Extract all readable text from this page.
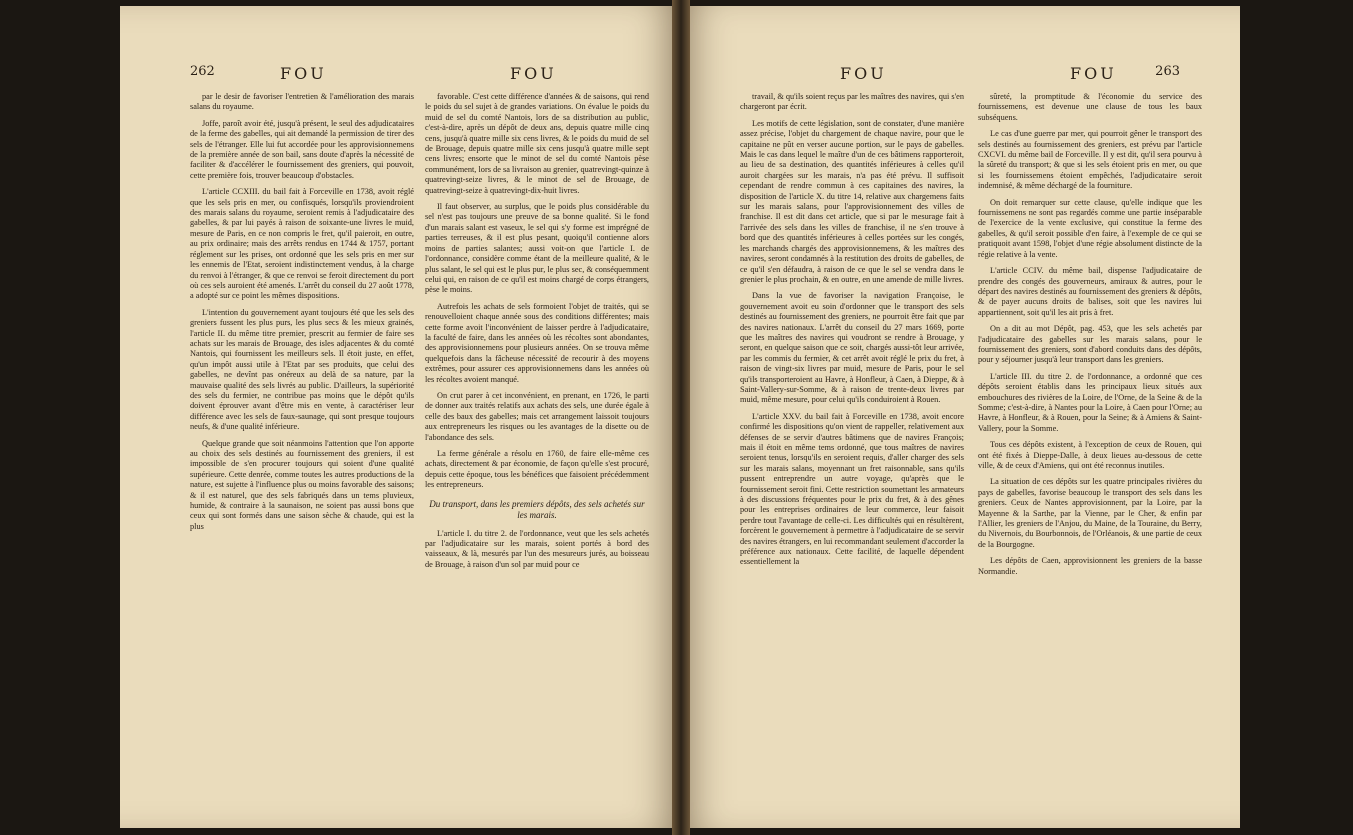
262	FOU	FOU

par le desir de favoriser l'entretien & l'amélioration des marais salans du royaume.

Joffe, paroît avoir été, jusqu'à présent, le seul des adjudicataires de la ferme des gabelles, qui ait demandé la permission de tirer des sels de l'étranger. Elle lui fut accordée pour les approvisionnemens de la première année de son bail, sans doute d'après la nécessité de faciliter & d'accélérer le fournissement des greniers, qui pouvoit, cette première fois, trouver beaucoup d'obstacles.

L'article CCXIII. du bail fait à Forceville en 1738, avoit réglé que les sels pris en mer, ou confisqués, lorsqu'ils proviendroient des marais salans du royaume, seroient remis à l'adjudicataire des gabelles, & par lui payés à raison de soixante-une livres le muid, mesure de Paris, en ce non compris le fret, qu'il paieroit, en outre, au prix ordinaire; mais des arrêts rendus en 1744 & 1757, portant réglement sur les prises, ont ordonné que les sels pris en mer sur les ennemis de l'Etat, seroient indistinctement vendus, à la charge du renvoi à l'étranger, & que ce renvoi se feroit directement du port où ces sels auroient été amenés. L'arrêt du conseil du 27 août 1778, a adopté sur ce point les mêmes dispositions.

L'intention du gouvernement ayant toujours été que les sels des greniers fussent les plus purs, les plus secs & les mieux grainés, l'article II. du même titre premier, prescrit au fermier de faire ses achats sur les marais de Brouage, des isles adjacentes & du comté Nantois, qui fournissent les meilleurs sels. Il étoit juste, en effet, qu'un impôt aussi utile à l'Etat par ses produits, que celui des gabelles, ne devînt pas onéreux au delà de sa nature, par la mauvaise qualité des sels livrés au public. D'ailleurs, la supériorité des sels du fermier, ne contribue pas moins que le dépôt qu'ils doivent éprouver avant d'être mis en vente, à caractériser leur différence avec les sels de faux-saunage, qui sont presque toujours neufs, & d'une qualité inférieure.

Quelque grande que soit néanmoins l'attention que l'on apporte au choix des sels destinés au fournissement des greniers, il est impossible de s'en procurer toujours qui soient d'une qualité supérieure. Cette denrée, comme toutes les autres productions de la nature, est sujette à l'influence plus ou moins favorable des saisons; & il est naturel, que des sels fabriqués dans un tems pluvieux, humide, & contraire à la saunaison, ne soient pas aussi bons que ceux qui sont formés dans une saison sèche & chaude, qui est la plus

favorable. C'est cette différence d'années & de saisons, qui rend le poids du sel sujet à de grandes variations. On évalue le poids du muid de sel du comté Nantois, lors de sa distribution au public, c'est-à-dire, après un dépôt de deux ans, depuis quatre mille cinq cens, jusqu'à quatre mille six cens livres, & le poids du muid de sel de Brouage, depuis quatre mille six cens jusqu'à quatre mille sept cens livres; ensorte que le minot de sel du comté Nantois pèse communément, lors de sa livraison au grenier, quatrevingt-quinze à quatrevingt-seize livres, & le minot de sel de Brouage, de quatrevingt-seize à quatrevingt-dix-huit livres.

Il faut observer, au surplus, que le poids plus considérable du sel n'est pas toujours une preuve de sa bonne qualité. Si le fond d'un marais salant est vaseux, le sel qui s'y forme est imprégné de parties terreuses, & il est plus pesant, quoiqu'il contienne alors moins de parties salantes; aussi voit-on que l'article I. de l'ordonnance, considère comme étant de la meilleure qualité, & le plus salant, le sel qui est le plus pur, le plus sec, & conséquemment celui qui, en raison de ce qu'il est moins chargé de corps étrangers, pèse le moins.

Autrefois les achats de sels formoient l'objet de traités, qui se renouvelloient chaque année sous des conditions différentes; mais cette forme avoit l'inconvénient de laisser perdre à l'adjudicataire, la faculté de faire, dans les années où les récoltes sont abondantes, des approvisionnemens pour plusieurs années. On se trouva même quelquefois dans la fâcheuse nécessité de recourir à des moyens extrêmes, pour assurer ces approvisionnemens dans les années où les récoltes avoient manqué.

On crut parer à cet inconvénient, en prenant, en 1726, le parti de donner aux traités relatifs aux achats des sels, une durée égale à celle des baux des gabelles; mais cet arrangement laissoit toujours aux entrepreneurs les risques ou les avantages de la disette ou de l'abondance des sels.

La ferme générale a résolu en 1760, de faire elle-même ces achats, directement & par économie, de façon qu'elle s'est procuré, depuis cette époque, tous les bénéfices que faisoient précédemment les entrepreneurs.

Du transport, dans les premiers dépôts, des sels achetés sur les marais.

L'article I. du titre 2. de l'ordonnance, veut que les sels achetés par l'adjudicataire sur les marais, soient portés à bord des vaisseaux, & là, mesurés par l'un des mesureurs jurés, au boisseau de Brouage, à raison d'un sol par muid pour ce

FOU	FOU	263

travail, & qu'ils soient reçus par les maîtres des navires, qui s'en chargeront par écrit.

Les motifs de cette législation, sont de constater, d'une manière assez précise, l'objet du chargement de chaque navire, pour que le capitaine ne pût en verser aucune portion, sur le pays de gabelles. Mais le cas dans lequel le maître d'un de ces bâtimens rapporteroit, au lieu de sa destination, des quantités inférieures à celles qu'il auroit chargées sur les marais, n'a pas été prévu. Il suffisoit cependant de rendre commun à ces capitaines des navires, la disposition de l'article X. du titre 14, relative aux chargemens faits sur les marais salans, pour l'approvisionnement des villes de franchise. Il est dit dans cet article, que si par le mesurage fait à l'arrivée des sels dans les villes de franchise, il ne s'en trouve à bord que des quantités inférieures à celles portées sur les congés, les marchands chargés des approvisionnemens, & les maîtres des navires, seront condamnés à la restitution des droits de gabelles, de ce qu'il s'en défaudra, à raison de ce que le sel se vendra dans le grenier le plus prochain, & en outre, en une amende de mille livres.

Dans la vue de favoriser la navigation Françoise, le gouvernement avoit eu soin d'ordonner que le transport des sels destinés au fournissement des greniers, ne pourroit être fait que par des navires nationaux. L'arrêt du conseil du 27 mars 1669, porte que les maîtres des navires qui voudront se rendre à Brouage, y seront, en quelque saison que ce soit, chargés aussi-tôt leur arrivée, par les commis du fermier, & cet arrêt avoit réglé le prix du fret, à raison de vingt-six livres par muid, mesure de Paris, pour le sel qu'ils transporteroient au Havre, à Honfleur, à Caen, à Dieppe, & à Saint-Vallery-sur-Somme, & à raison de trente-deux livres par muid, même mesure, pour celui qu'ils conduiroient à Rouen.

L'article XXV. du bail fait à Forceville en 1738, avoit encore confirmé les dispositions qu'on vient de rappeller, relativement aux défenses de se servir d'autres bâtimens que de navires François; mais il étoit en même tems ordonné, que tous maîtres de navires seroient tenus, lorsqu'ils en seroient requis, d'aller charger des sels sur les marais salans, moyennant un fret raisonnable, sans qu'ils pussent entreprendre un autre voyage, qu'après que le fournissement seroit fini. Cette restriction soumettant les armateurs à des discussions fréquentes pour le prix du fret, & à des gênes pour les entreprises ordinaires de leur commerce, leur faisoit perdre tout l'avantage de celle-ci. Les difficultés qui en résultèrent, forcèrent le gouvernement à permettre à l'adjudicataire de se servir des navires étrangers, en lui recommandant seulement d'accorder la préférence aux nationaux. Cette facilité, de laquelle dépendent essentiellement la

sûreté, la promptitude & l'économie du service des fournissemens, est devenue une clause de tous les baux subséquens.

Le cas d'une guerre par mer, qui pourroit gêner le transport des sels destinés au fournissement des greniers, est prévu par l'article CXCVI. du même bail de Forceville. Il y est dit, qu'il sera pourvu à la sûreté du transport; & que si les sels étoient pris en mer, ou que si les fournissemens étoient empêchés, l'adjudicataire seroit indemnisé, & même déchargé de la fourniture.

On doit remarquer sur cette clause, qu'elle indique que les fournissemens ne sont pas regardés comme une partie inséparable de l'exercice de la vente exclusive, qui constitue la ferme des gabelles, & qu'il seroit possible d'en faire, à l'exemple de ce qui se pratiquoit avant 1598, l'objet d'une régie absolument distincte de la régie relative à la vente.

L'article CCIV. du même bail, dispense l'adjudicataire de prendre des congés des gouverneurs, amiraux & autres, pour le départ des navires destinés au fournissement des greniers & dépôts, & de payer aucuns droits de balises, soit que les navires lui appartiennent, soit qu'il les ait pris à fret.

On a dit au mot Dépôt, pag. 453, que les sels achetés par l'adjudicataire des gabelles sur les marais salans, pour le fournissement des greniers, sont d'abord conduits dans des dépôts, pour y séjourner jusqu'à leur transport dans les greniers.

L'article III. du titre 2. de l'ordonnance, a ordonné que ces dépôts seroient établis dans les principaux lieux situés aux embouchures des rivières de la Loire, de l'Orne, de la Seine & de la Somme; c'est-à-dire, à Nantes pour la Loire, à Caen pour l'Orne; au Havre, à Honfleur, & à Rouen, pour la Seine; & à Amiens & Saint-Vallery, pour la Somme.

Tous ces dépôts existent, à l'exception de ceux de Rouen, qui ont été fixés à Dieppe-Dalle, à deux lieues au-dessous de cette ville, & de ceux d'Amiens, qui ont été reconnus inutiles.

La situation de ces dépôts sur les quatre principales rivières du pays de gabelles, favorise beaucoup le transport des sels dans les greniers. Ceux de Nantes approvisionnent, par la Loire, par la Mayenne & la Sarthe, par la Vienne, par le Cher, & enfin par l'Allier, les greniers de l'Anjou, du Maine, de la Touraine, du Berry, du Nivernois, du Bourbonnois, de l'Orléanois, & une partie de ceux de la Bourgogne.

Les dépôts de Caen, approvisionnent les greniers de la basse Normandie.
